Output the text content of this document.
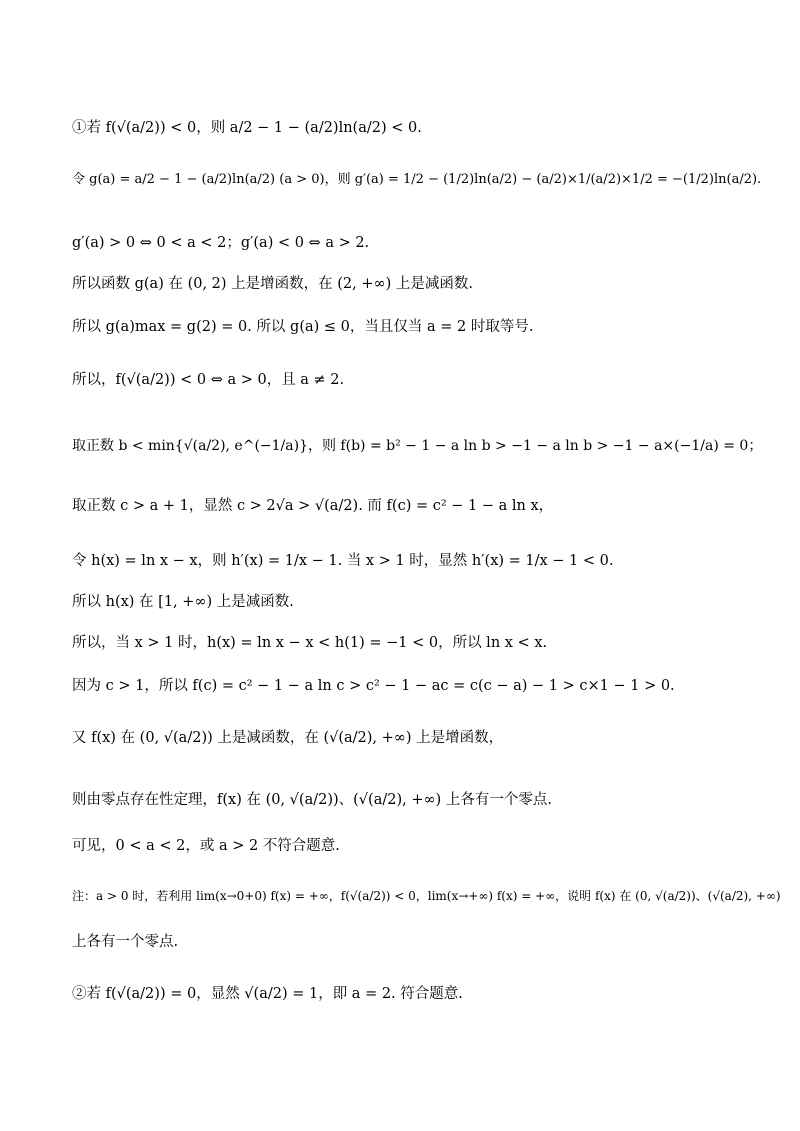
①若 f(√(a/2)) < 0，则 a/2 − 1 − (a/2)ln(a/2) < 0.
令 g(a) = a/2 − 1 − (a/2)ln(a/2) (a > 0)，则 g′(a) = 1/2 − (1/2)ln(a/2) − (a/2)×1/(a/2)×1/2 = −(1/2)ln(a/2).
g′(a) > 0 ⇔ 0 < a < 2；g′(a) < 0 ⇔ a > 2.
所以函数 g(a) 在 (0, 2) 上是增函数，在 (2, +∞) 上是减函数.
所以 g(a)max = g(2) = 0. 所以 g(a) ≤ 0，当且仅当 a = 2 时取等号.
所以，f(√(a/2)) < 0 ⇔ a > 0，且 a ≠ 2.
取正数 b < min{√(a/2), e^(−1/a)}，则 f(b) = b² − 1 − a ln b > −1 − a ln b > −1 − a×(−1/a) = 0；
取正数 c > a + 1，显然 c > 2√a > √(a/2). 而 f(c) = c² − 1 − a ln x，
令 h(x) = ln x − x，则 h′(x) = 1/x − 1. 当 x > 1 时，显然 h′(x) = 1/x − 1 < 0.
所以 h(x) 在 [1, +∞) 上是减函数.
所以，当 x > 1 时，h(x) = ln x − x < h(1) = −1 < 0，所以 ln x < x.
因为 c > 1，所以 f(c) = c² − 1 − a ln c > c² − 1 − ac = c(c − a) − 1 > c×1 − 1 > 0.
又 f(x) 在 (0, √(a/2)) 上是减函数，在 (√(a/2), +∞) 上是增函数，
则由零点存在性定理，f(x) 在 (0, √(a/2))、(√(a/2), +∞) 上各有一个零点.
可见，0 < a < 2，或 a > 2 不符合题意.
注：a > 0 时，若利用 lim(x→0+0) f(x) = +∞，f(√(a/2)) < 0，lim(x→+∞) f(x) = +∞，说明 f(x) 在 (0, √(a/2))、(√(a/2), +∞)
上各有一个零点.
②若 f(√(a/2)) = 0，显然 √(a/2) = 1，即 a = 2. 符合题意.
